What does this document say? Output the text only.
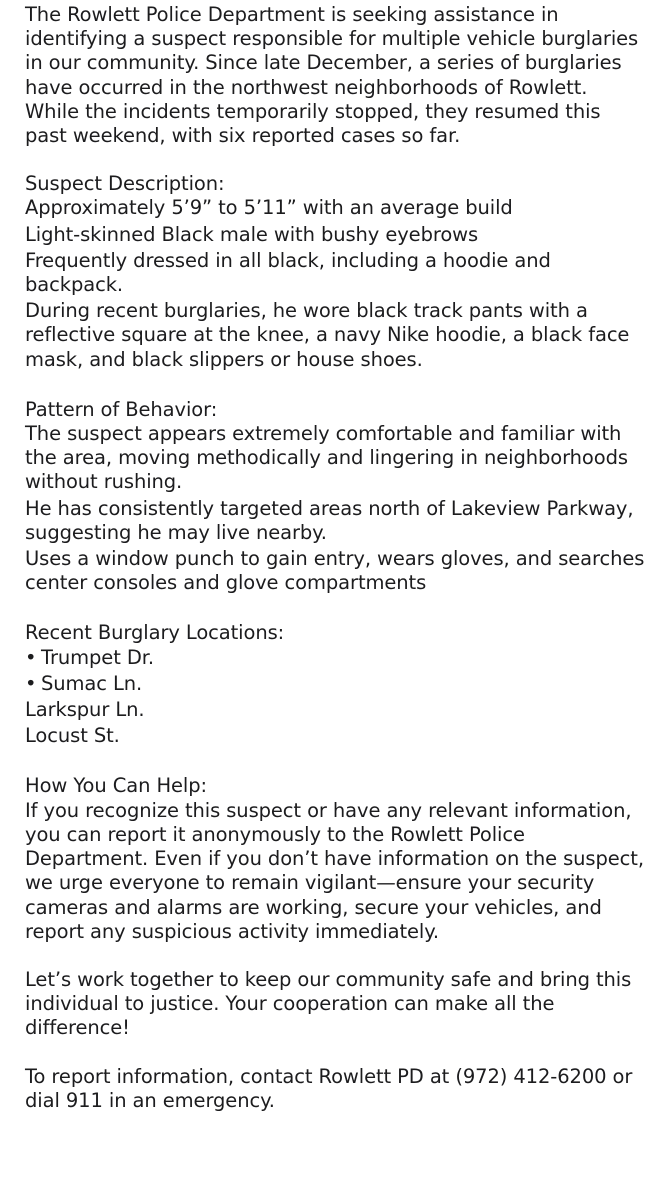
The Rowlett Police Department is seeking assistance in identifying a suspect responsible for multiple vehicle burglaries in our community. Since late December, a series of burglaries have occurred in the northwest neighborhoods of Rowlett. While the incidents temporarily stopped, they resumed this past weekend, with six reported cases so far.

Suspect Description:

Approximately 5’9” to 5’11” with an average build

Light-skinned Black male with bushy eyebrows

Frequently dressed in all black, including a hoodie and backpack.

During recent burglaries, he wore black track pants with a reflective square at the knee, a navy Nike hoodie, a black face mask, and black slippers or house shoes.

Pattern of Behavior:

The suspect appears extremely comfortable and familiar with the area, moving methodically and lingering in neighborhoods without rushing.

He has consistently targeted areas north of Lakeview Parkway, suggesting he may live nearby.

Uses a window punch to gain entry, wears gloves, and searches center consoles and glove compartments

Recent Burglary Locations:

• Trumpet Dr.

• Sumac Ln.

Larkspur Ln.

Locust St.

How You Can Help:

If you recognize this suspect or have any relevant information, you can report it anonymously to the Rowlett Police Department. Even if you don’t have information on the suspect, we urge everyone to remain vigilant—ensure your security cameras and alarms are working, secure your vehicles, and report any suspicious activity immediately.

Let’s work together to keep our community safe and bring this individual to justice. Your cooperation can make all the difference!

To report information, contact Rowlett PD at (972) 412-6200 or dial 911 in an emergency.
